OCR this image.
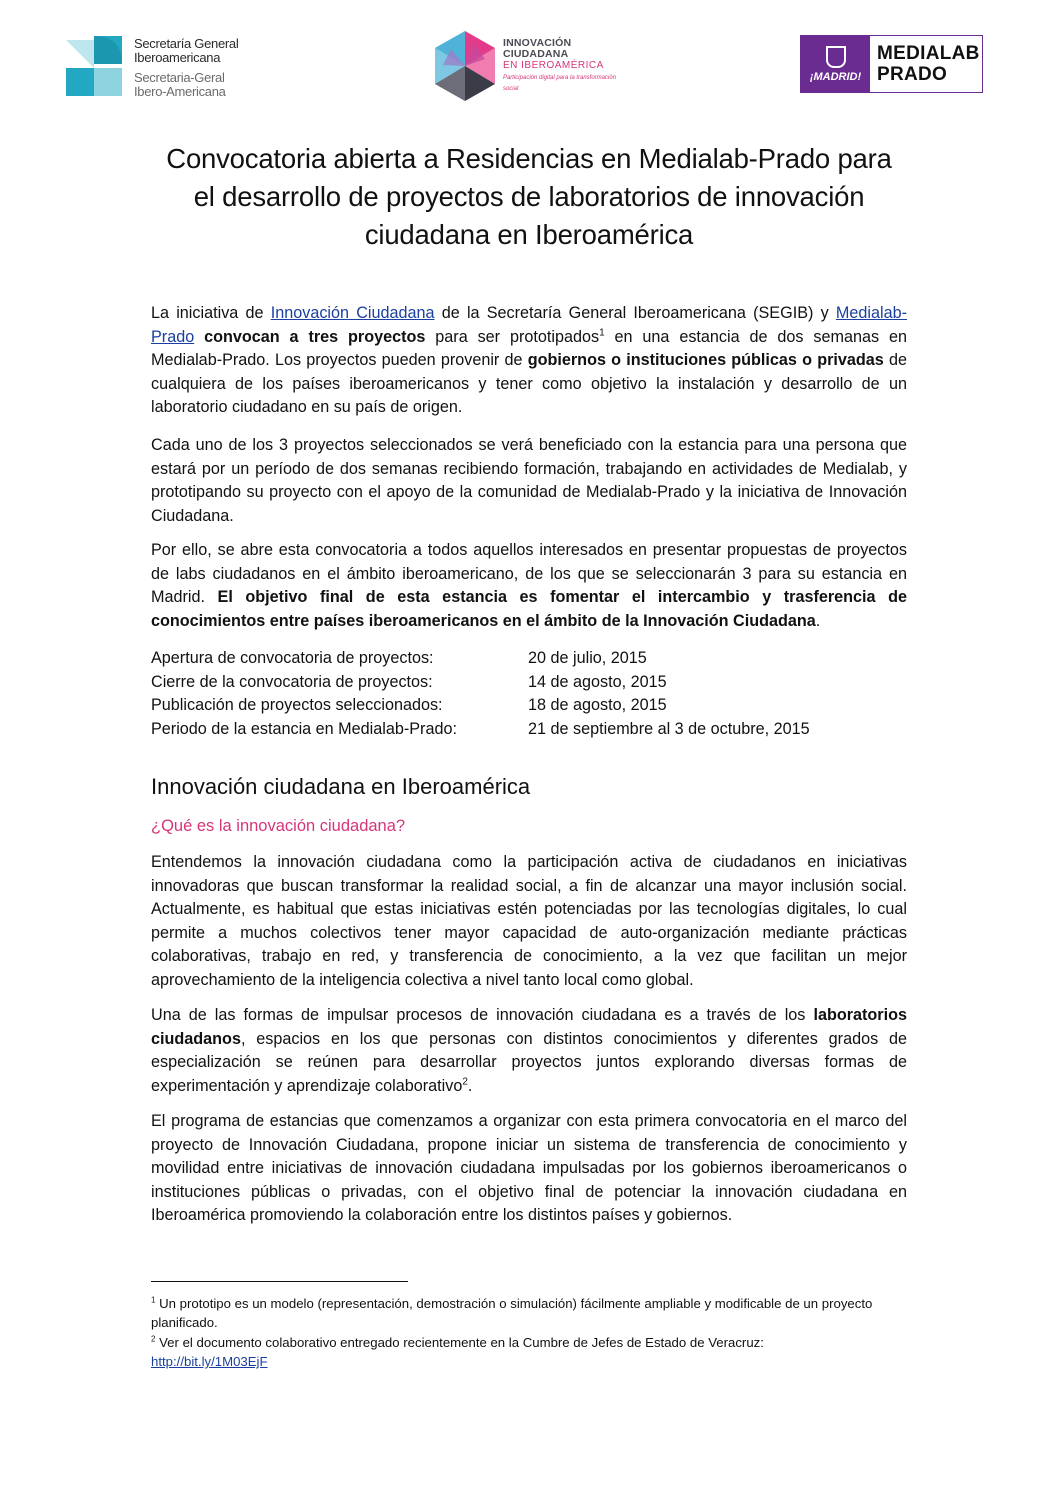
Secretaría General
Iberoamericana
Secretaria-Geral
Ibero-Americana
INNOVACIÓN
CIUDADANA
EN IBEROAMÉRICA
Participación digital para la transformación social
¡MADRID!
MEDIALAB
PRADO
Convocatoria abierta a Residencias en Medialab-Prado para
el desarrollo de proyectos de laboratorios de innovación
ciudadana en Iberoamérica
La iniciativa de Innovación Ciudadana de la Secretaría General Iberoamericana (SEGIB) y Medialab-Prado convocan a tres proyectos para ser prototipados$^1$ en una estancia de dos semanas en Medialab-Prado. Los proyectos pueden provenir de gobiernos o instituciones públicas o privadas de cualquiera de los países iberoamericanos y tener como objetivo la instalación y desarrollo de un laboratorio ciudadano en su país de origen.
Cada uno de los 3 proyectos seleccionados se verá beneficiado con la estancia para una persona que estará por un período de dos semanas recibiendo formación, trabajando en actividades de Medialab, y prototipando su proyecto con el apoyo de la comunidad de Medialab-Prado y la iniciativa de Innovación Ciudadana.
Por ello, se abre esta convocatoria a todos aquellos interesados en presentar propuestas de proyectos de labs ciudadanos en el ámbito iberoamericano, de los que se seleccionarán 3 para su estancia en Madrid. El objetivo final de esta estancia es fomentar el intercambio y trasferencia de conocimientos entre países iberoamericanos en el ámbito de la Innovación Ciudadana.
Apertura de convocatoria de proyectos:	20 de julio, 2015
Cierre de la convocatoria de proyectos:	14 de agosto, 2015
Publicación de proyectos seleccionados:	18 de agosto, 2015
Periodo de la estancia en Medialab-Prado:	21 de septiembre al 3 de octubre, 2015
Innovación ciudadana en Iberoamérica
¿Qué es la innovación ciudadana?
Entendemos la innovación ciudadana como la participación activa de ciudadanos en iniciativas innovadoras que buscan transformar la realidad social, a fin de alcanzar una mayor inclusión social. Actualmente, es habitual que estas iniciativas estén potenciadas por las tecnologías digitales, lo cual permite a muchos colectivos tener mayor capacidad de auto-organización mediante prácticas colaborativas, trabajo en red, y transferencia de conocimiento, a la vez que facilitan un mejor aprovechamiento de la inteligencia colectiva a nivel tanto local como global.
Una de las formas de impulsar procesos de innovación ciudadana es a través de los laboratorios ciudadanos, espacios en los que personas con distintos conocimientos y diferentes grados de especialización se reúnen para desarrollar proyectos juntos explorando diversas formas de experimentación y aprendizaje colaborativo$^2$.
El programa de estancias que comenzamos a organizar con esta primera convocatoria en el marco del proyecto de Innovación Ciudadana, propone iniciar un sistema de transferencia de conocimiento y movilidad entre iniciativas de innovación ciudadana impulsadas por los gobiernos iberoamericanos o instituciones públicas o privadas, con el objetivo final de potenciar la innovación ciudadana en Iberoamérica promoviendo la colaboración entre los distintos países y gobiernos.
$^1$ Un prototipo es un modelo (representación, demostración o simulación) fácilmente ampliable y modificable de un proyecto planificado.
$^2$ Ver el documento colaborativo entregado recientemente en la Cumbre de Jefes de Estado de Veracruz:
http://bit.ly/1M03EjF
